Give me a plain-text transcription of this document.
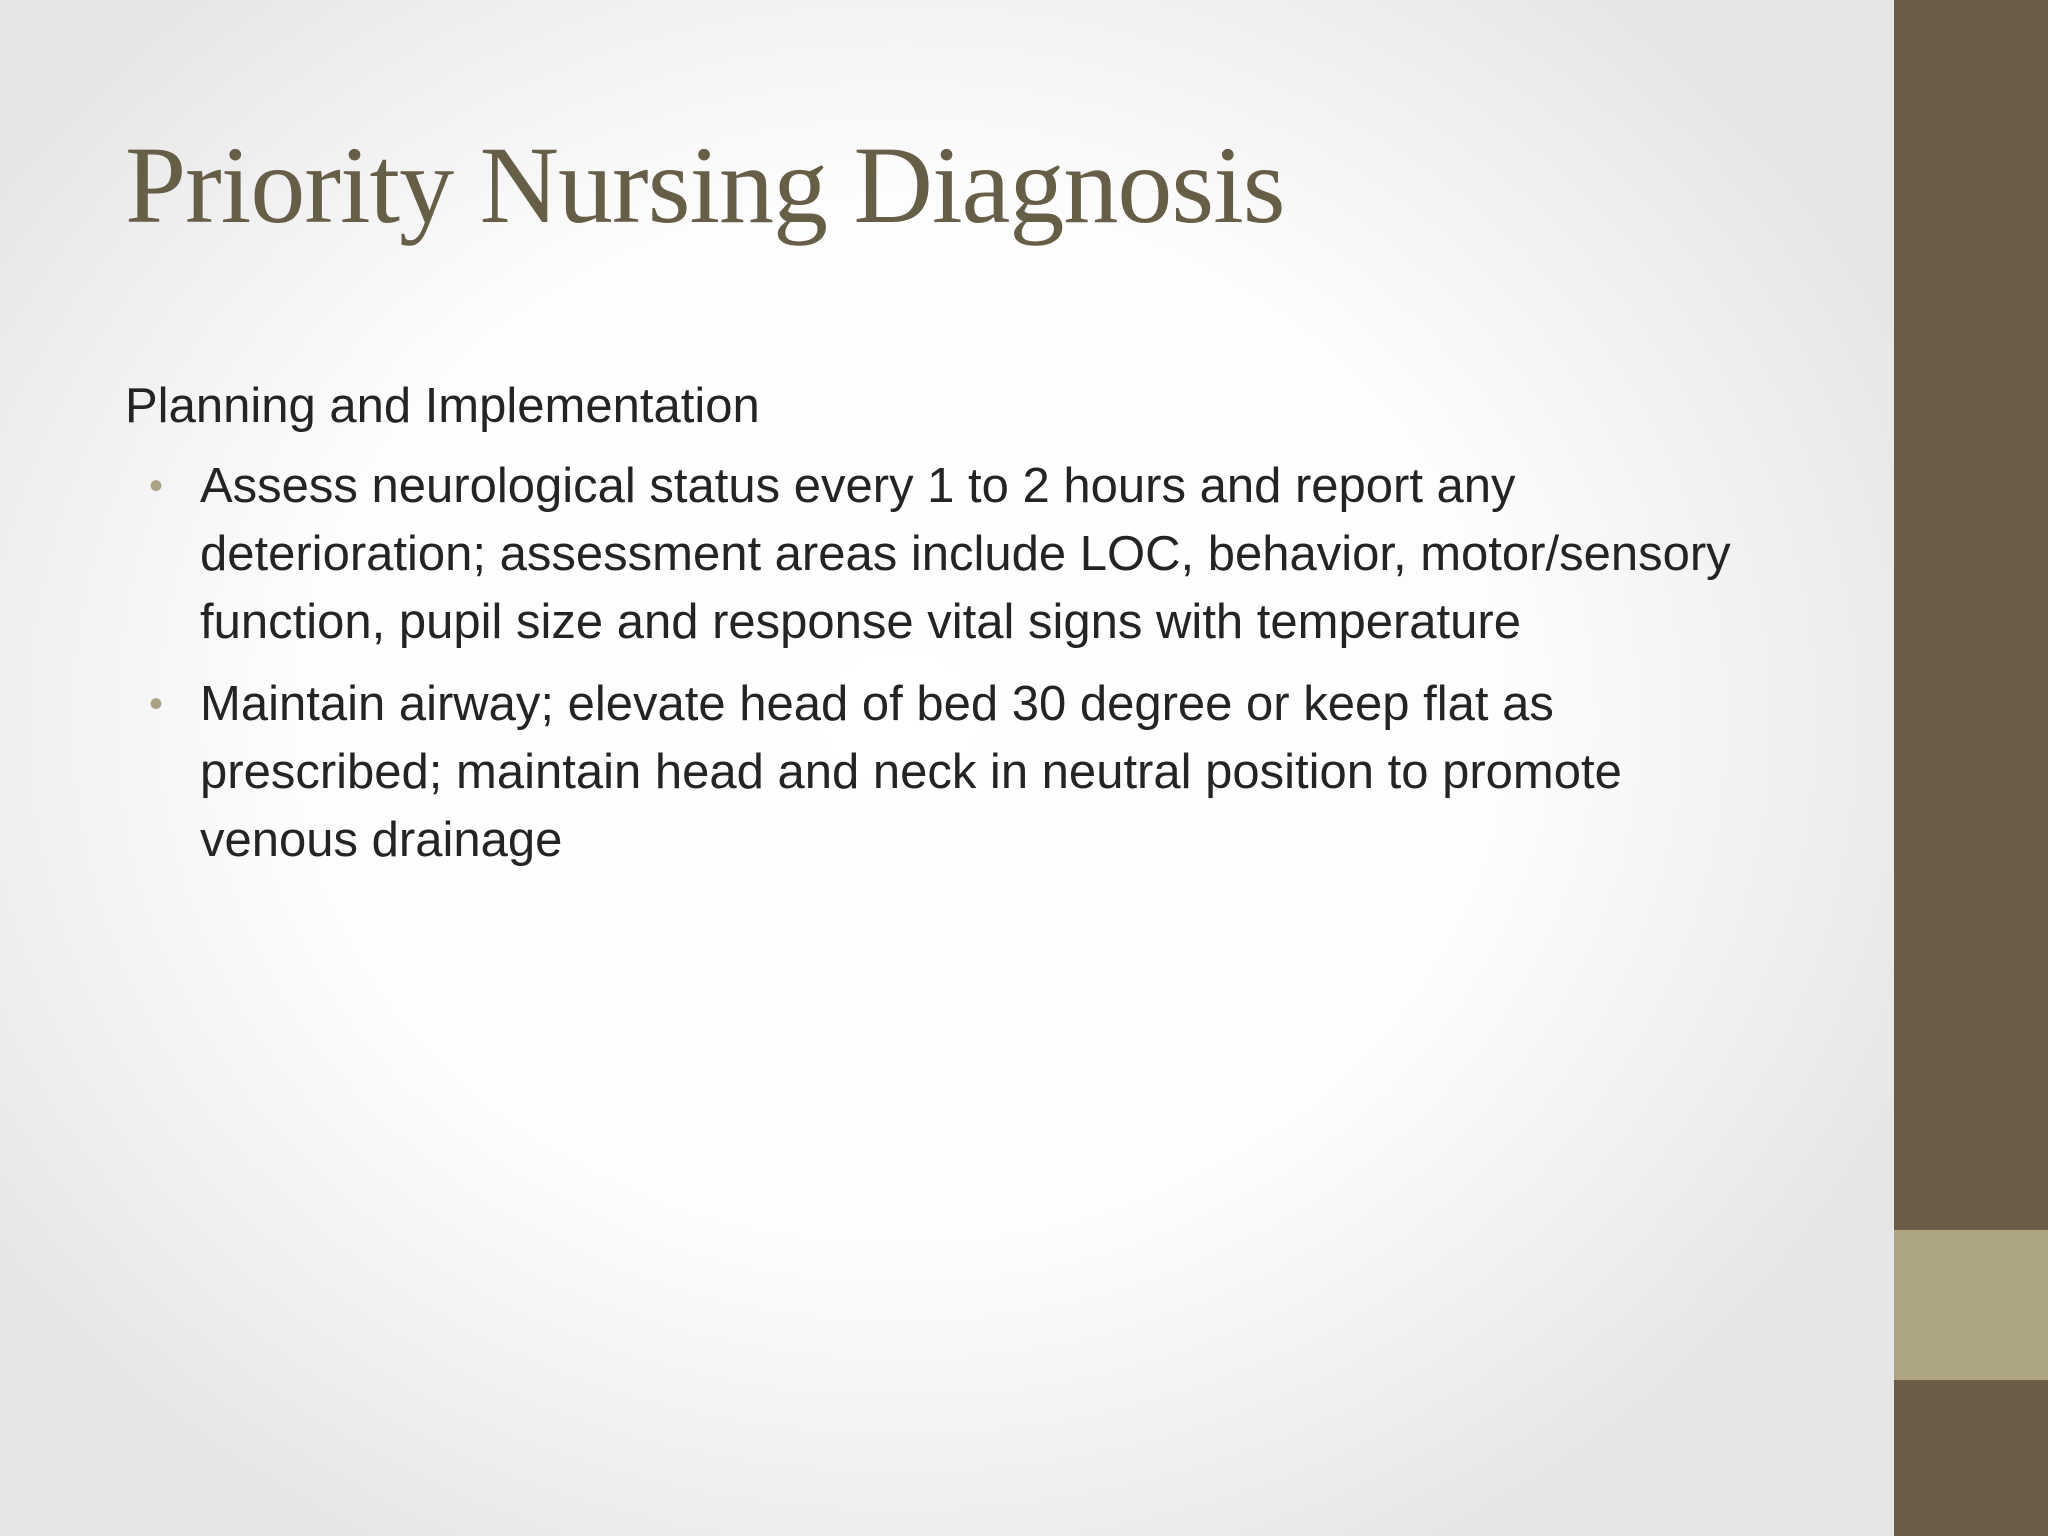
Priority Nursing Diagnosis

Planning and Implementation

• Assess neurological status every 1 to 2 hours and report any deterioration; assessment areas include LOC, behavior, motor/sensory function, pupil size and response vital signs with temperature
• Maintain airway; elevate head of bed 30 degree or keep flat as prescribed; maintain head and neck in neutral position to promote venous drainage
